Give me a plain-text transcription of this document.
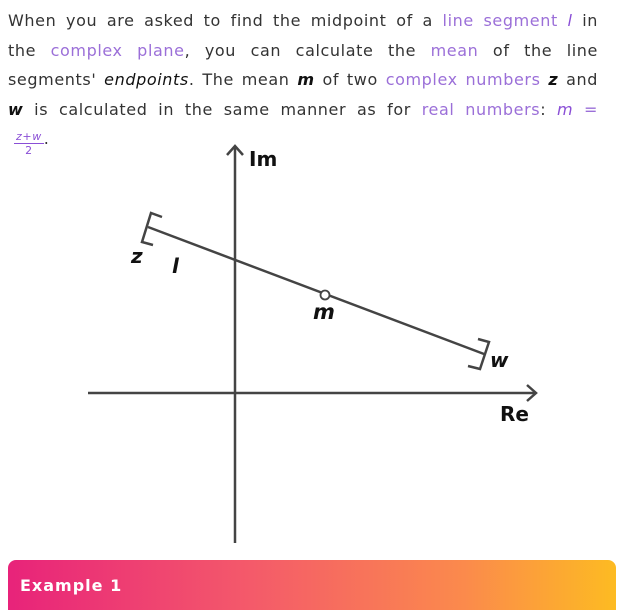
When you are asked to find the midpoint of a line segment l in the complex plane, you can calculate the mean of the line segments' endpoints. The mean m of two complex numbers z and w is calculated in the same manner as for real numbers: m =
$\frac{z+w}{2}$ .
Im
Re
z l
m
w
Example 1
